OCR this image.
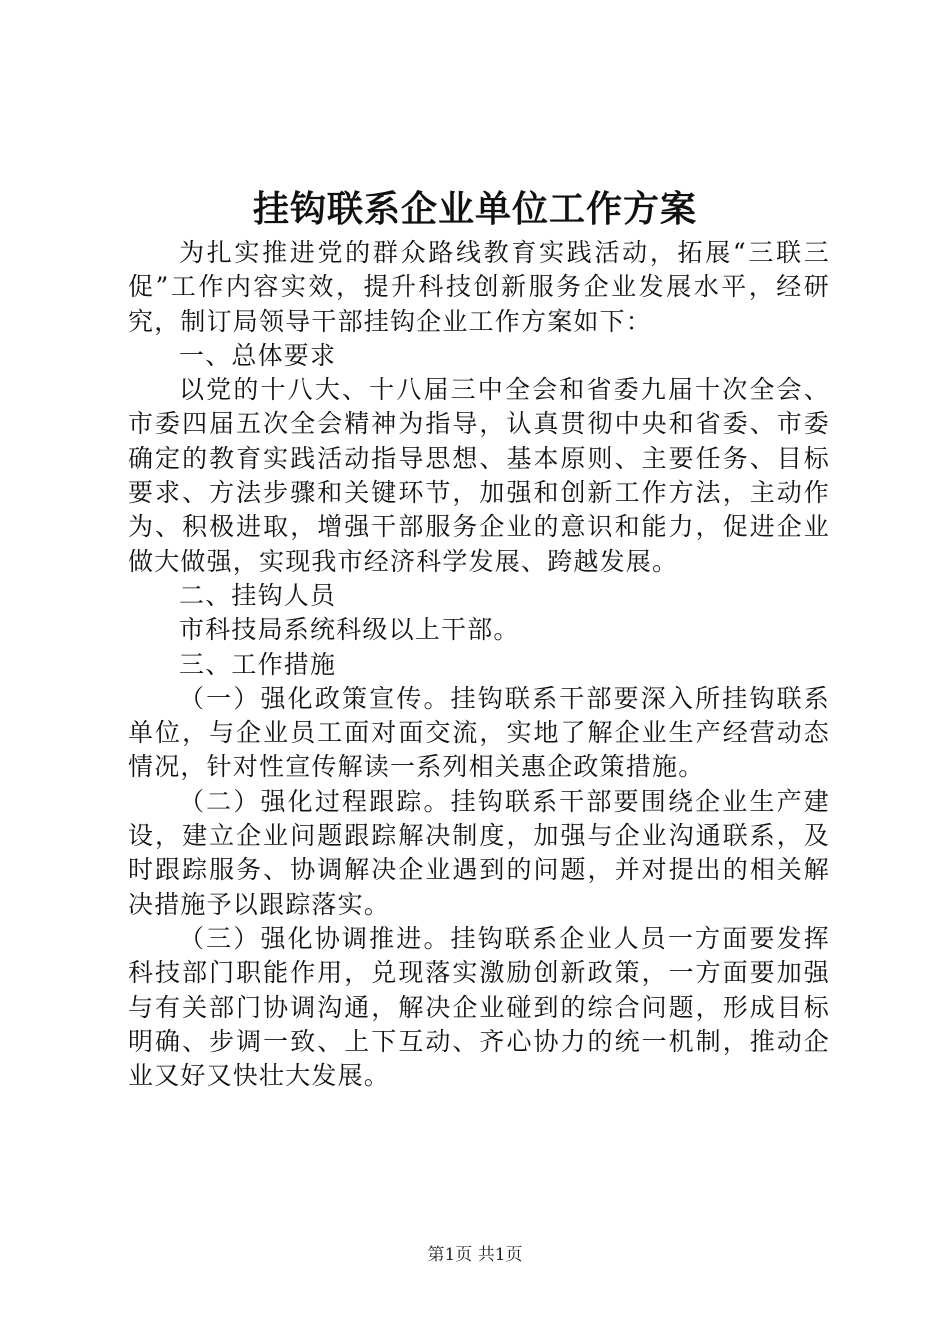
挂钩联系企业单位工作方案

为扎实推进党的群众路线教育实践活动，拓展“三联三促”工作内容实效，提升科技创新服务企业发展水平，经研究，制订局领导干部挂钩企业工作方案如下：

一、总体要求

以党的十八大、十八届三中全会和省委九届十次全会、市委四届五次全会精神为指导，认真贯彻中央和省委、市委确定的教育实践活动指导思想、基本原则、主要任务、目标要求、方法步骤和关键环节，加强和创新工作方法，主动作为、积极进取，增强干部服务企业的意识和能力，促进企业做大做强，实现我市经济科学发展、跨越发展。

二、挂钩人员

市科技局系统科级以上干部。

三、工作措施

（一）强化政策宣传。挂钩联系干部要深入所挂钩联系单位，与企业员工面对面交流，实地了解企业生产经营动态情况，针对性宣传解读一系列相关惠企政策措施。

（二）强化过程跟踪。挂钩联系干部要围绕企业生产建设，建立企业问题跟踪解决制度，加强与企业沟通联系，及时跟踪服务、协调解决企业遇到的问题，并对提出的相关解决措施予以跟踪落实。

（三）强化协调推进。挂钩联系企业人员一方面要发挥科技部门职能作用，兑现落实激励创新政策，一方面要加强与有关部门协调沟通，解决企业碰到的综合问题，形成目标明确、步调一致、上下互动、齐心协力的统一机制，推动企业又好又快壮大发展。

第1页 共1页
